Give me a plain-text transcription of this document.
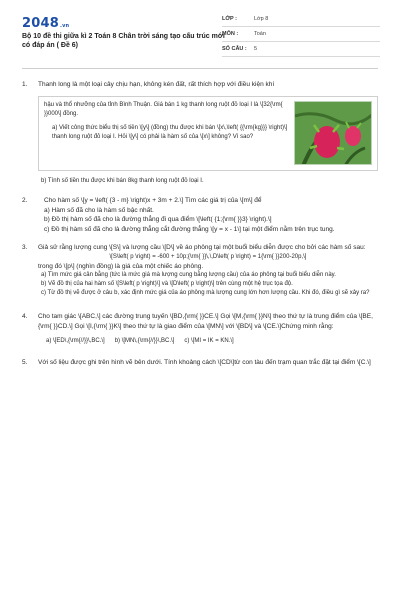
2048.vn
Bộ 10 đề thi giữa kì 2 Toán 8 Chân trời sáng tạo cấu trúc mới có đáp án ( Đề 6)
LỚP :	Lớp 8
MÔN :	Toán
SỐ CÂU :	5
1.	Thanh long là một loại cây chịu hạn, không kén đất, rất thích hợp với điều kiện khí

hậu và thổ nhưỡng của tỉnh Bình Thuận. Giá bán 1 kg thanh long ruột đỏ loại I là \[32{\rm{ }}000\] đồng.

a) Viết công thức biểu thị số tiền \[y\] (đồng) thu được khi bán \[x\,\left( {{\rm{kg}}} \right)\] thanh long ruột đỏ loại I. Hỏi \[y\] có phải là hàm số của \[x\] không? Vì sao?

b) Tính số tiền thu được khi bán 8kg thanh long ruột đỏ loại I.

2.	Cho hàm số \[y = \left( {3 - m} \right)x + 3m + 2.\] Tìm các giá trị của \[m\] để

a) Hàm số đã cho là hàm số bậc nhất.

b) Đồ thị hàm số đã cho là đường thẳng đi qua điểm \[\left( {1;{\rm{ }}3} \right).\]

c) Đồ thị hàm số đã cho là đường thẳng cắt đường thẳng \[y = x - 1\] tại một điểm nằm trên trục tung.

3.	Giả sử rằng lượng cung \[S\] và lượng cầu \[D\] về áo phông tại một buổi biểu diễn được cho bởi các hàm số sau:

\[S\left( p \right) = -600 + 10p;{\rm{ }}\,\,D\left( p \right) = 1{\rm{ }}200-20p,\]

trong đó \[p\] (nghìn đồng) là giá của một chiếc áo phông.

a) Tìm mức giá cân bằng (tức là mức giá mà lượng cung bằng lượng cầu) của áo phông tại buổi biểu diễn này.

b) Vẽ đồ thị của hai hàm số \[S\left( p \right)\] và \[D\left( p \right)\] trên cùng một hệ trục tọa độ.

c) Từ đồ thị vẽ được ở câu b, xác định mức giá của áo phông mà lượng cung lớn hơn lượng cầu. Khi đó, điều gì sẽ xảy ra?

4.	Cho tam giác \[ABC,\] các đường trung tuyến \[BD,{\rm{ }}CE.\] Gọi \[M,{\rm{ }}N\] theo thứ tự là trung điểm của \[BE,{\rm{ }}CD.\] Gọi \[I,{\rm{ }}K\] theo thứ tự là giao điểm của \[MN\] với \[BD\] và \[CE.\]Chứng minh rằng:

a) \[ED\,{\rm{//}}\,BC.\] b) \[MN\,{\rm{//}}\,BC.\] c) \[MI = IK = KN.\]
5.	Với số liệu được ghi trên hình vẽ bên dưới. Tính khoảng cách \[CD\]từ con tàu đến trạm quan trắc đặt tại điểm \[C.\]
